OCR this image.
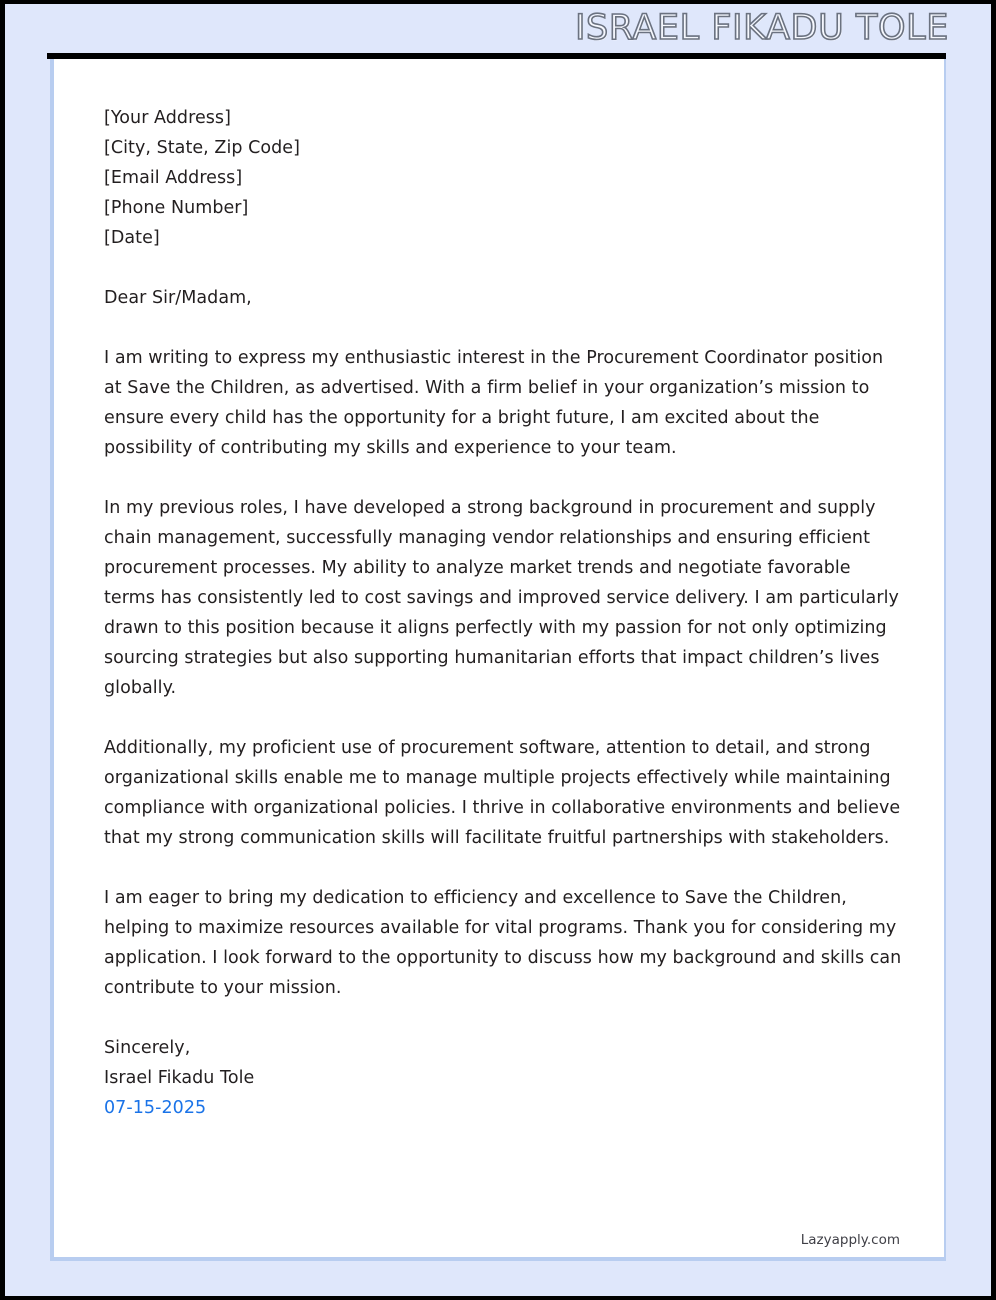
ISRAEL FIKADU TOLE
[Your Address]
[City, State, Zip Code]
[Email Address]
[Phone Number]
[Date]
Dear Sir/Madam,

I am writing to express my enthusiastic interest in the Procurement Coordinator position at Save the Children, as advertised. With a firm belief in your organization’s mission to ensure every child has the opportunity for a bright future, I am excited about the possibility of contributing my skills and experience to your team.

In my previous roles, I have developed a strong background in procurement and supply chain management, successfully managing vendor relationships and ensuring efficient procurement processes. My ability to analyze market trends and negotiate favorable terms has consistently led to cost savings and improved service delivery. I am particularly drawn to this position because it aligns perfectly with my passion for not only optimizing sourcing strategies but also supporting humanitarian efforts that impact children’s lives globally.

Additionally, my proficient use of procurement software, attention to detail, and strong organizational skills enable me to manage multiple projects effectively while maintaining compliance with organizational policies. I thrive in collaborative environments and believe that my strong communication skills will facilitate fruitful partnerships with stakeholders.

I am eager to bring my dedication to efficiency and excellence to Save the Children, helping to maximize resources available for vital programs. Thank you for considering my application. I look forward to the opportunity to discuss how my background and skills can contribute to your mission.

Sincerely,
Israel Fikadu Tole
07-15-2025
Lazyapply.com
